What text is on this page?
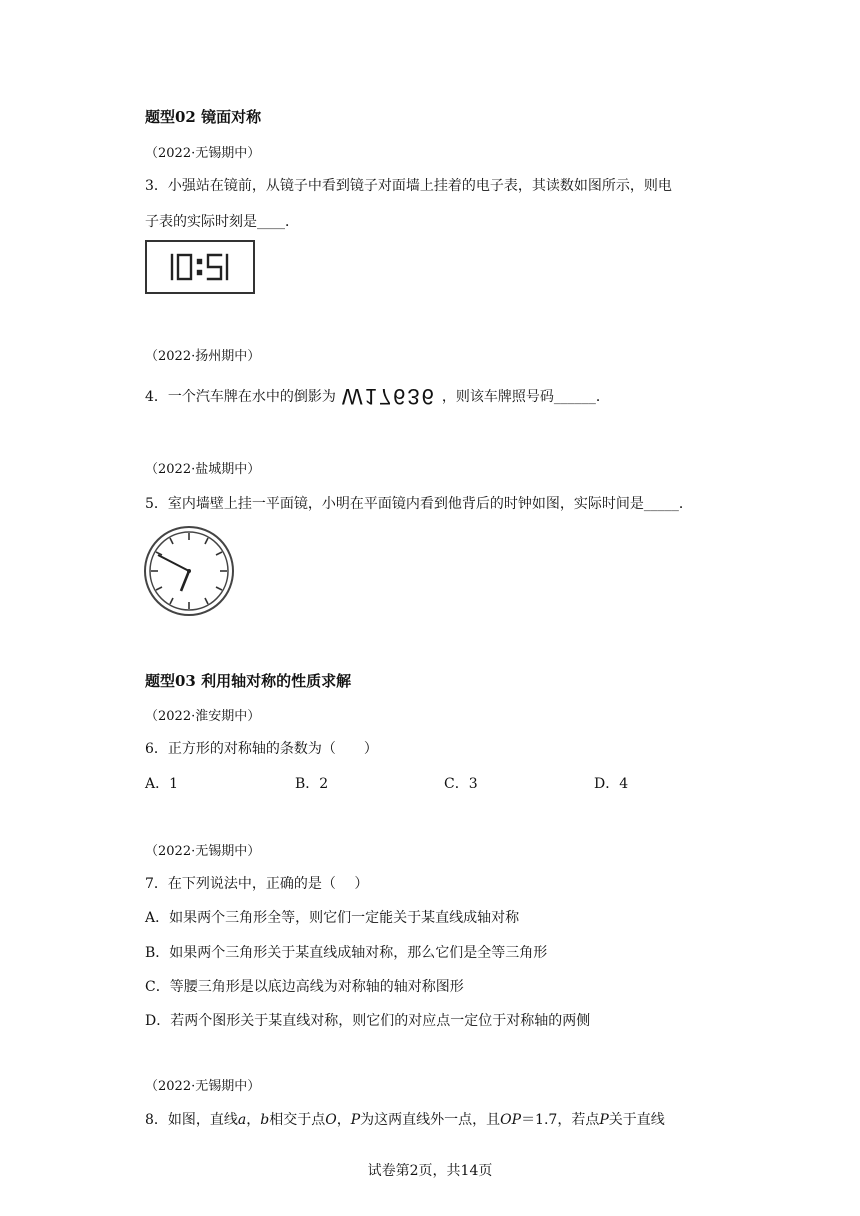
题型02 镜面对称
（2022·无锡期中）
3．小强站在镜前，从镜子中看到镜子对面墙上挂着的电子表，其读数如图所示，则电
子表的实际时刻是____．
（2022·扬州期中）
4．一个汽车牌在水中的倒影为 W17636 ，则该车牌照号码______．
（2022·盐城期中）
5．室内墙壁上挂一平面镜，小明在平面镜内看到他背后的时钟如图，实际时间是_____．
题型03 利用轴对称的性质求解
（2022·淮安期中）
6．正方形的对称轴的条数为（　　）
A．1	B．2	C．3	D．4
（2022·无锡期中）
7．在下列说法中，正确的是（　 ）
A．如果两个三角形全等，则它们一定能关于某直线成轴对称
B．如果两个三角形关于某直线成轴对称，那么它们是全等三角形
C．等腰三角形是以底边高线为对称轴的轴对称图形
D．若两个图形关于某直线对称，则它们的对应点一定位于对称轴的两侧
（2022·无锡期中）
8．如图，直线a，b相交于点O，P为这两直线外一点，且OP＝1.7，若点P关于直线
试卷第2页，共14页
